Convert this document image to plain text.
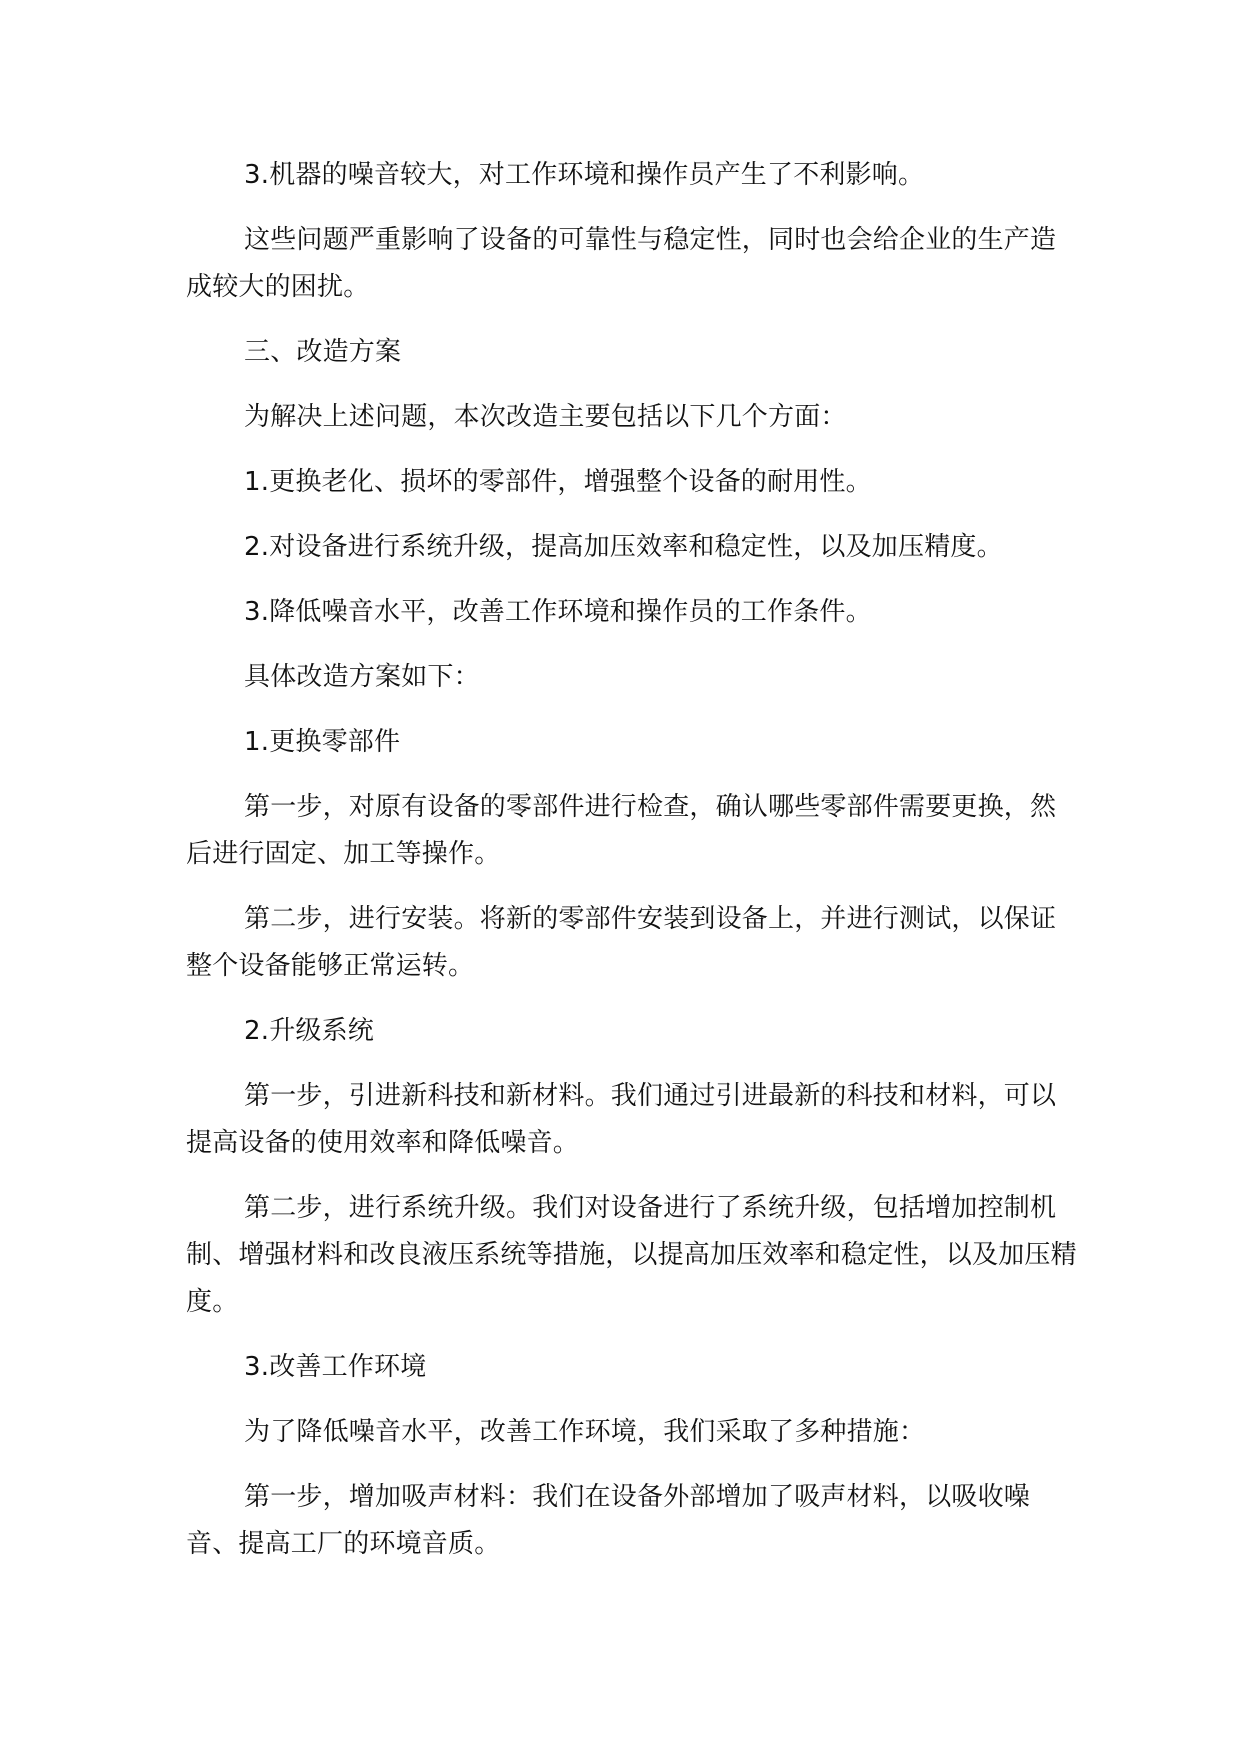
3.机器的噪音较大，对工作环境和操作员产生了不利影响。

这些问题严重影响了设备的可靠性与稳定性，同时也会给企业的生产造成较大的困扰。

三、改造方案

为解决上述问题，本次改造主要包括以下几个方面：

1.更换老化、损坏的零部件，增强整个设备的耐用性。

2.对设备进行系统升级，提高加压效率和稳定性，以及加压精度。

3.降低噪音水平，改善工作环境和操作员的工作条件。

具体改造方案如下：

1.更换零部件

第一步，对原有设备的零部件进行检查，确认哪些零部件需要更换，然后进行固定、加工等操作。

第二步，进行安装。将新的零部件安装到设备上，并进行测试，以保证整个设备能够正常运转。

2.升级系统

第一步，引进新科技和新材料。我们通过引进最新的科技和材料，可以提高设备的使用效率和降低噪音。

第二步，进行系统升级。我们对设备进行了系统升级，包括增加控制机制、增强材料和改良液压系统等措施，以提高加压效率和稳定性，以及加压精度。

3.改善工作环境

为了降低噪音水平，改善工作环境，我们采取了多种措施：

第一步，增加吸声材料：我们在设备外部增加了吸声材料，以吸收噪音、提高工厂的环境音质。
